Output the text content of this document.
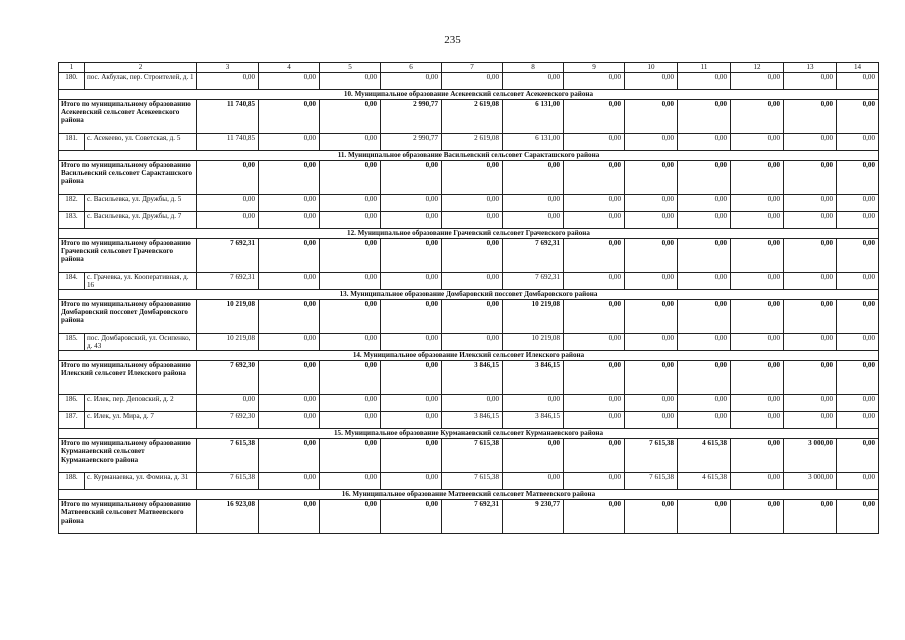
235
1	2	3	4	5	6	7	8	9	10	11	12	13	14
180.	пос. Акбулак, пер. Строителей, д. 1	0,00	0,00	0,00	0,00	0,00	0,00	0,00	0,00	0,00	0,00	0,00	0,00
10. Муниципальное образование Асекеевский сельсовет Асекеевского района													
Итого по муниципальному образованию Асекеевский сельсовет Асекеевского района		11 740,85	0,00	0,00	2 990,77	2 619,08	6 131,00	0,00	0,00	0,00	0,00	0,00	0,00
181.	с. Асекеево, ул. Советская, д. 5	11 740,85	0,00	0,00	2 990,77	2 619,08	6 131,00	0,00	0,00	0,00	0,00	0,00	0,00
11. Муниципальное образование Васильевский сельсовет Саракташского района													
Итого по муниципальному образованию Васильевский сельсовет Саракташского района		0,00	0,00	0,00	0,00	0,00	0,00	0,00	0,00	0,00	0,00	0,00	0,00
182.	с. Васильевка, ул. Дружбы, д. 5	0,00	0,00	0,00	0,00	0,00	0,00	0,00	0,00	0,00	0,00	0,00	0,00
183.	с. Васильевка, ул. Дружбы, д. 7	0,00	0,00	0,00	0,00	0,00	0,00	0,00	0,00	0,00	0,00	0,00	0,00
12. Муниципальное образование Грачевский сельсовет Грачевского района													
Итого по муниципальному образованию Грачевский сельсовет Грачевского района		7 692,31	0,00	0,00	0,00	0,00	7 692,31	0,00	0,00	0,00	0,00	0,00	0,00
184.	с. Грачевка, ул. Кооперативная, д. 16	7 692,31	0,00	0,00	0,00	0,00	7 692,31	0,00	0,00	0,00	0,00	0,00	0,00
13. Муниципальное образование Домбаровский поссовет Домбаровского района													
Итого по муниципальному образованию Домбаровский поссовет Домбаровского района		10 219,08	0,00	0,00	0,00	0,00	10 219,08	0,00	0,00	0,00	0,00	0,00	0,00
185.	пос. Домбаровский, ул. Осипенко, д. 43	10 219,08	0,00	0,00	0,00	0,00	10 219,08	0,00	0,00	0,00	0,00	0,00	0,00
14. Муниципальное образование Илекский сельсовет Илекского района													
Итого по муниципальному образованию Илекский сельсовет Илекского района		7 692,30	0,00	0,00	0,00	3 846,15	3 846,15	0,00	0,00	0,00	0,00	0,00	0,00
186.	с. Илек, пер. Деповский, д. 2	0,00	0,00	0,00	0,00	0,00	0,00	0,00	0,00	0,00	0,00	0,00	0,00
187.	с. Илек, ул. Мира, д. 7	7 692,30	0,00	0,00	0,00	3 846,15	3 846,15	0,00	0,00	0,00	0,00	0,00	0,00
15. Муниципальное образование Курманаевский сельсовет Курманаевского района													
Итого по муниципальному образованию Курманаевский сельсовет Курманаевского района		7 615,38	0,00	0,00	0,00	7 615,38	0,00	0,00	7 615,38	4 615,38	0,00	3 000,00	0,00
188.	с. Курманаевка, ул. Фомина, д. 31	7 615,38	0,00	0,00	0,00	7 615,38	0,00	0,00	7 615,38	4 615,38	0,00	3 000,00	0,00
16. Муниципальное образование Матвеевский сельсовет Матвеевского района													
Итого по муниципальному образованию Матвеевский сельсовет Матвеевского района		16 923,08	0,00	0,00	0,00	7 692,31	9 230,77	0,00	0,00	0,00	0,00	0,00	0,00
